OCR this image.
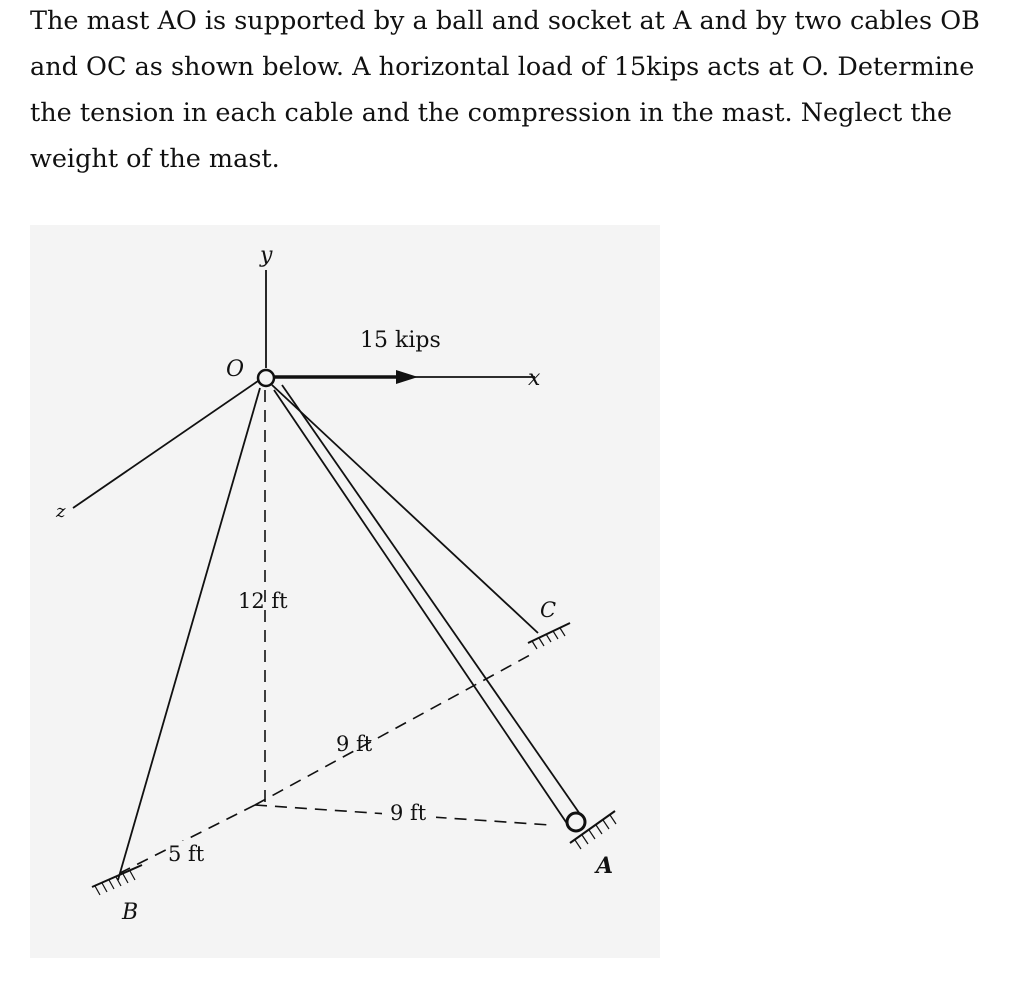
The mast AO is supported by a ball and socket at A and by two cables OB and OC as shown below. A horizontal load of 15kips acts at O. Determine the tension in each cable and the compression in the mast. Neglect the weight of the mast.

y
x
z
O
15 kips
12 ft	C
9 ft
9 ft
5 ft	A
B
